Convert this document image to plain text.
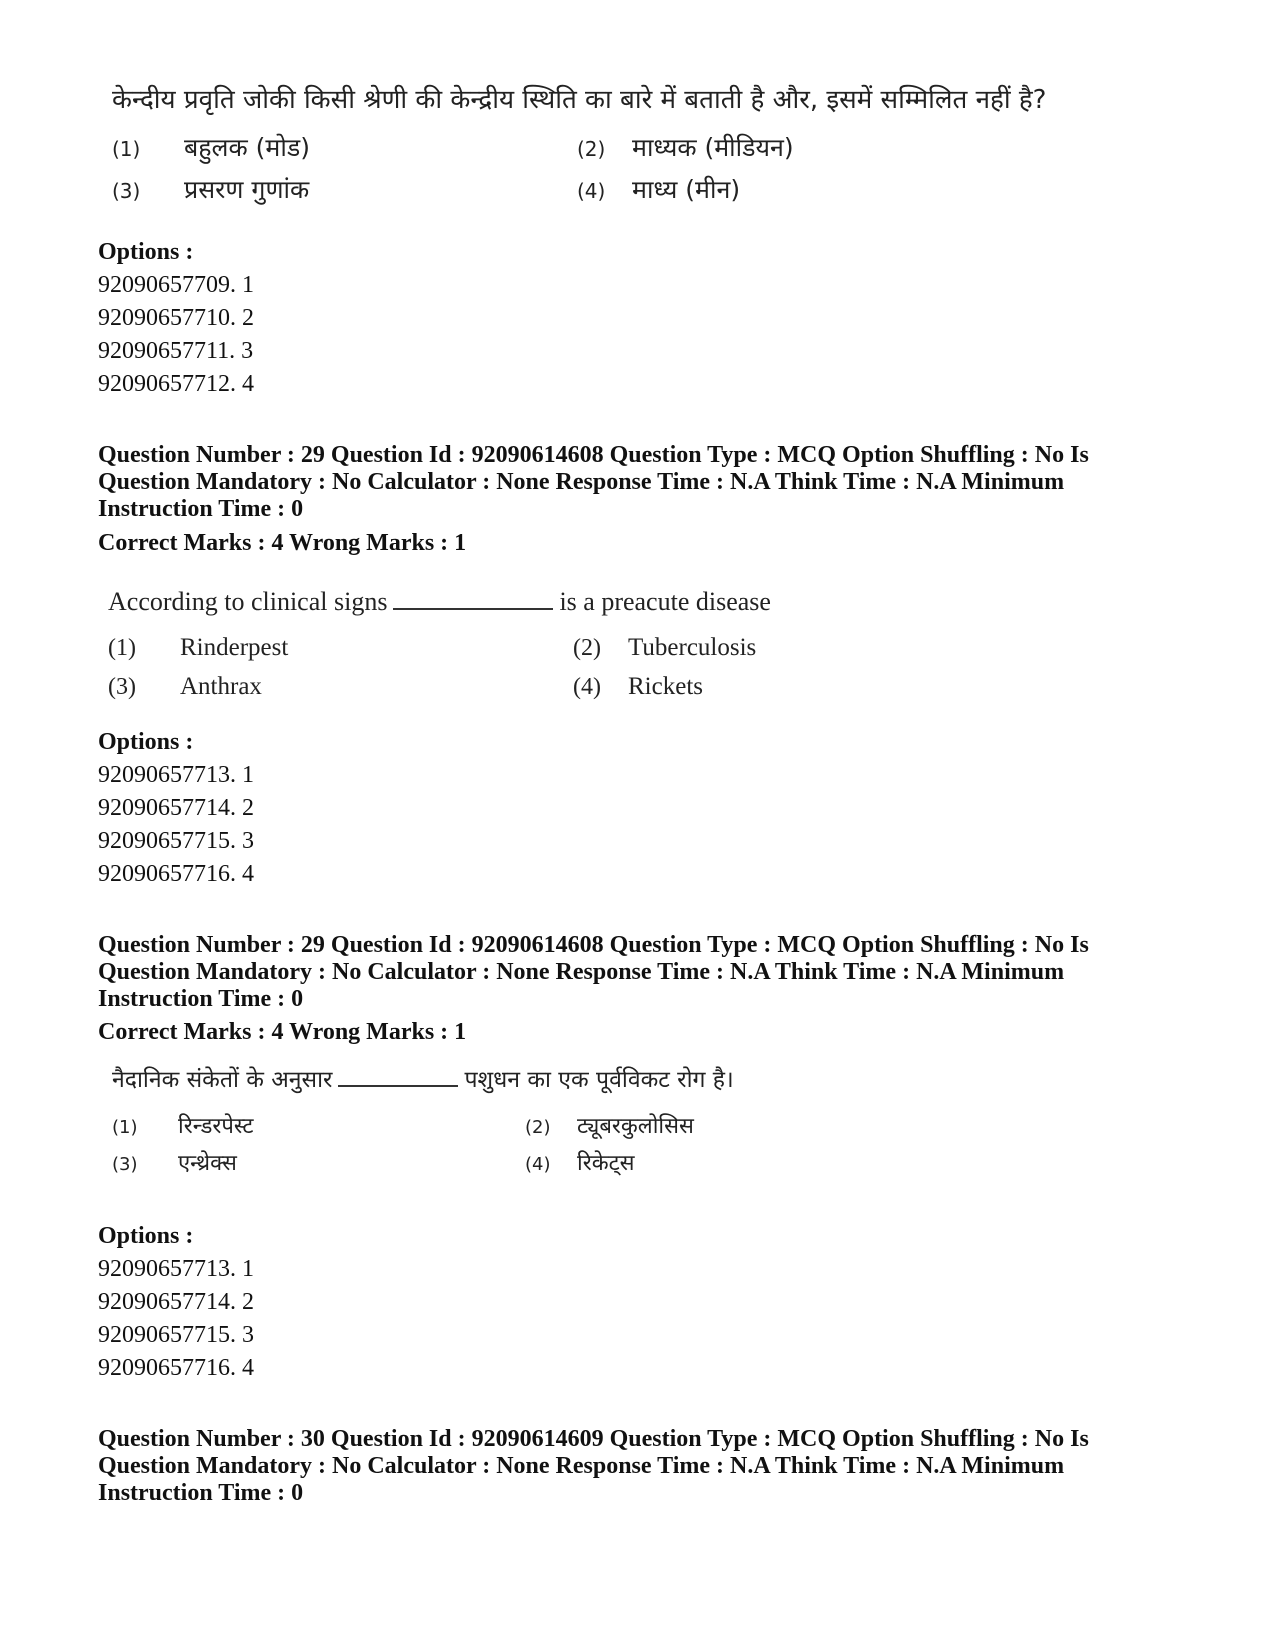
केन्दीय प्रवृति जोकी किसी श्रेणी की केन्द्रीय स्थिति का बारे में बताती है और, इसमें सम्मिलित नहीं है?
(1) बहुलक (मोड)	(2) माध्यक (मीडियन)
(3) प्रसरण गुणांक	(4) माध्य (मीन)
Options :
92090657709. 1
92090657710. 2
92090657711. 3
92090657712. 4
Question Number : 29 Question Id : 92090614608 Question Type : MCQ Option Shuffling : No Is
Question Mandatory : No Calculator : None Response Time : N.A Think Time : N.A Minimum
Instruction Time : 0
Correct Marks : 4 Wrong Marks : 1
According to clinical signs	is a preacute disease
(1) Rinderpest	(2) Tuberculosis
(3) Anthrax	(4) Rickets
Options :
92090657713. 1
92090657714. 2
92090657715. 3
92090657716. 4
Question Number : 29 Question Id : 92090614608 Question Type : MCQ Option Shuffling : No Is
Question Mandatory : No Calculator : None Response Time : N.A Think Time : N.A Minimum
Instruction Time : 0
Correct Marks : 4 Wrong Marks : 1
नैदानिक संकेतों के अनुसार	पशुधन का एक पूर्वविकट रोग है।
(1) रिन्डरपेस्ट	(2) ट्यूबरकुलोसिस
(3) एन्थ्रेक्स	(4) रिकेट्स
Options :
92090657713. 1
92090657714. 2
92090657715. 3
92090657716. 4
Question Number : 30 Question Id : 92090614609 Question Type : MCQ Option Shuffling : No Is
Question Mandatory : No Calculator : None Response Time : N.A Think Time : N.A Minimum
Instruction Time : 0
